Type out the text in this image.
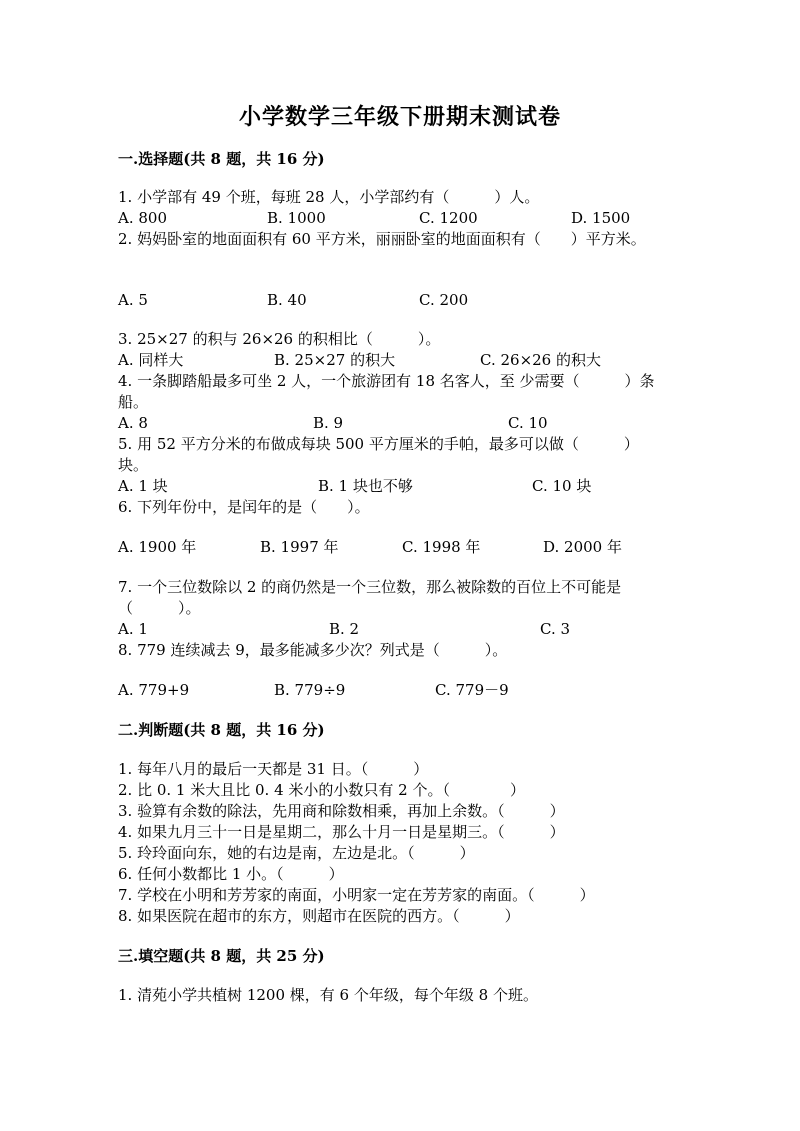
小学数学三年级下册期末测试卷
一.选择题(共 8 题，共 16 分)
1. 小学部有 49 个班，每班 28 人，小学部约有（　　　）人。
A. 800	B. 1000	C. 1200	D. 1500
2. 妈妈卧室的地面面积有 60 平方米，丽丽卧室的地面面积有（　　）平方米。
A. 5	B. 40	C. 200
3. 25×27 的积与 26×26 的积相比（　　　）。
A. 同样大	B. 25×27 的积大	C. 26×26 的积大
4. 一条脚踏船最多可坐 2 人，一个旅游团有 18 名客人，至 少需要（　　　）条
船。
A. 8	B. 9	C. 10
5. 用 52 平方分米的布做成每块 500 平方厘米的手帕，最多可以做（　　　）
块。
A. 1 块	B. 1 块也不够	C. 10 块
6. 下列年份中，是闰年的是（　　）。
A. 1900 年	B. 1997 年	C. 1998 年	D. 2000 年
7. 一个三位数除以 2 的商仍然是一个三位数，那么被除数的百位上不可能是
（　　　）。
A. 1	B. 2	C. 3
8. 779 连续减去 9，最多能减多少次？列式是（　　　）。
A. 779+9	B. 779÷9	C. 779－9
二.判断题(共 8 题，共 16 分)
1. 每年八月的最后一天都是 31 日。（　　　）
2. 比 0. 1 米大且比 0. 4 米小的小数只有 2 个。（　　　　）
3. 验算有余数的除法，先用商和除数相乘，再加上余数。（　　　）
4. 如果九月三十一日是星期二，那么十月一日是星期三。（　　　）
5. 玲玲面向东，她的右边是南，左边是北。（　　　）
6. 任何小数都比 1 小。（　　　）
7. 学校在小明和芳芳家的南面，小明家一定在芳芳家的南面。（　　　）
8. 如果医院在超市的东方，则超市在医院的西方。（　　　）
三.填空题(共 8 题，共 25 分)
1. 清苑小学共植树 1200 棵，有 6 个年级，每个年级 8 个班。
